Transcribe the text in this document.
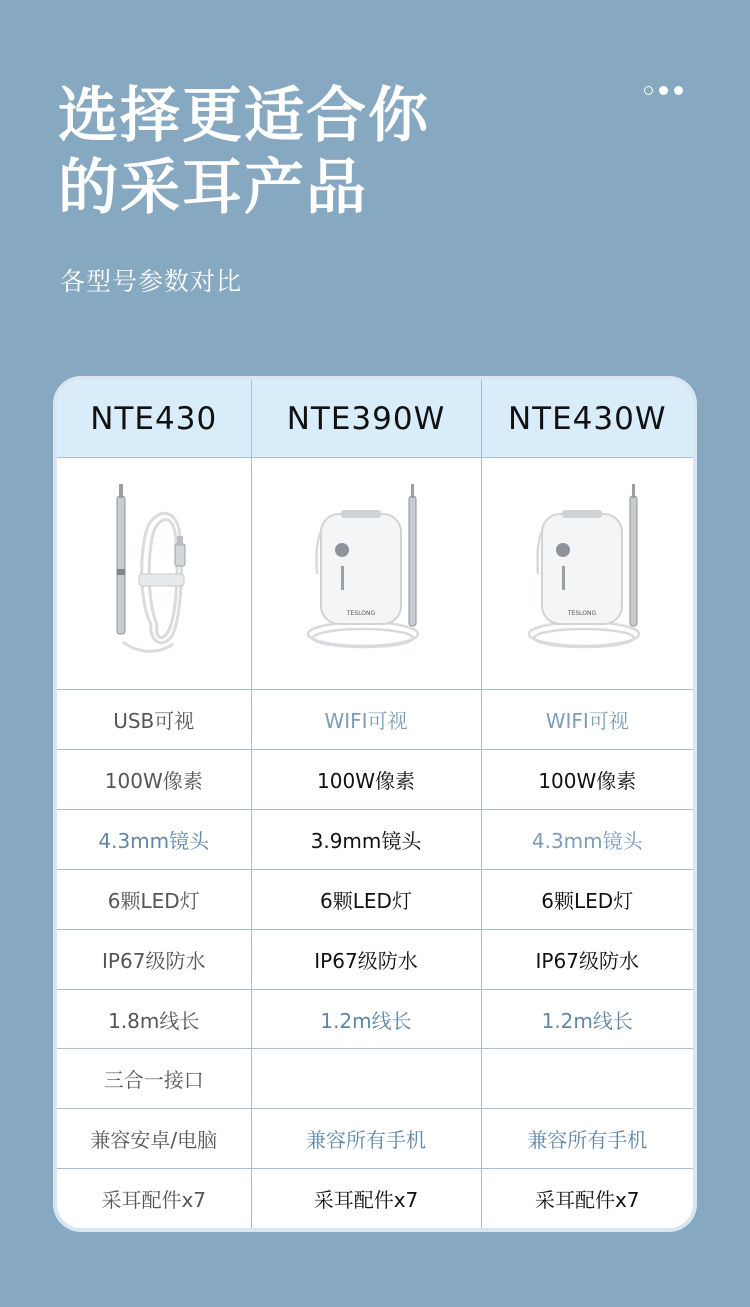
选择更适合你
的采耳产品
各型号参数对比
NTE430	NTE390W	NTE430W

TESLONG	TESLONG

USB可视	WIFI可视	WIFI可视
100W像素	100W像素	100W像素
4.3mm镜头	3.9mm镜头	4.3mm镜头
6颗LED灯	6颗LED灯	6颗LED灯
IP67级防水	IP67级防水	IP67级防水
1.8m线长	1.2m线长	1.2m线长
三合一接口		
兼容安卓/电脑	兼容所有手机	兼容所有手机
采耳配件x7	采耳配件x7	采耳配件x7
